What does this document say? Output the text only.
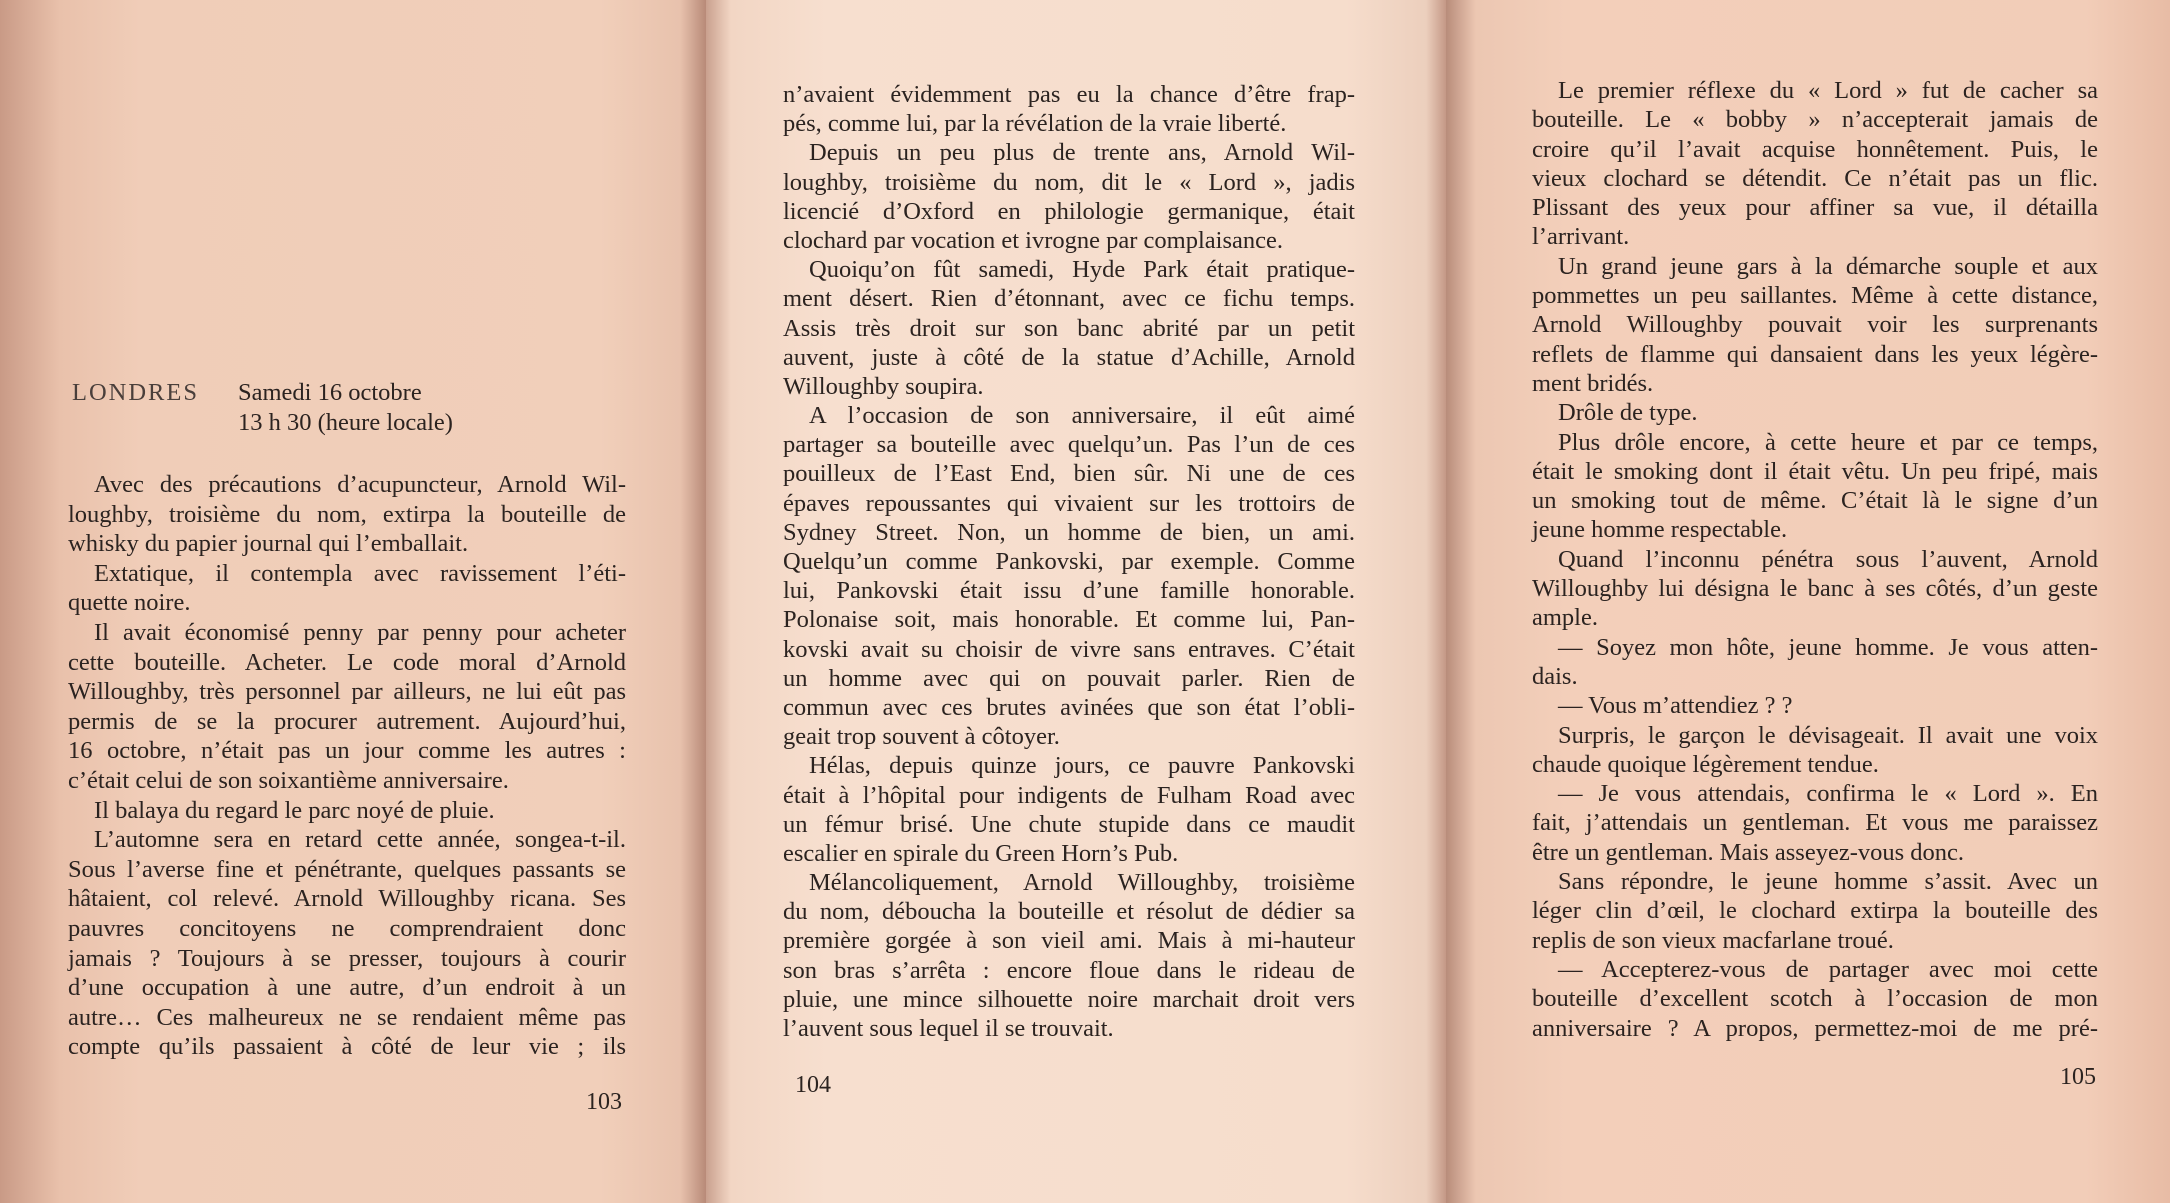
LONDRES Samedi 16 octobre
13 h 30 (heure locale)
Avec des précautions d’acupuncteur, Arnold Wil-
loughby, troisième du nom, extirpa la bouteille de
whisky du papier journal qui l’emballait.
Extatique, il contempla avec ravissement l’éti-
quette noire.
Il avait économisé penny par penny pour acheter
cette bouteille. Acheter. Le code moral d’Arnold
Willoughby, très personnel par ailleurs, ne lui eût pas
permis de se la procurer autrement. Aujourd’hui,
16 octobre, n’était pas un jour comme les autres :
c’était celui de son soixantième anniversaire.
Il balaya du regard le parc noyé de pluie.
L’automne sera en retard cette année, songea-t-il.
Sous l’averse fine et pénétrante, quelques passants se
hâtaient, col relevé. Arnold Willoughby ricana. Ses
pauvres concitoyens ne comprendraient donc
jamais ? Toujours à se presser, toujours à courir
d’une occupation à une autre, d’un endroit à un
autre… Ces malheureux ne se rendaient même pas
compte qu’ils passaient à côté de leur vie ; ils
n’avaient évidemment pas eu la chance d’être frap-
pés, comme lui, par la révélation de la vraie liberté.
Depuis un peu plus de trente ans, Arnold Wil-
loughby, troisième du nom, dit le « Lord », jadis
licencié d’Oxford en philologie germanique, était
clochard par vocation et ivrogne par complaisance.
Quoiqu’on fût samedi, Hyde Park était pratique-
ment désert. Rien d’étonnant, avec ce fichu temps.
Assis très droit sur son banc abrité par un petit
auvent, juste à côté de la statue d’Achille, Arnold
Willoughby soupira.
A l’occasion de son anniversaire, il eût aimé
partager sa bouteille avec quelqu’un. Pas l’un de ces
pouilleux de l’East End, bien sûr. Ni une de ces
épaves repoussantes qui vivaient sur les trottoirs de
Sydney Street. Non, un homme de bien, un ami.
Quelqu’un comme Pankovski, par exemple. Comme
lui, Pankovski était issu d’une famille honorable.
Polonaise soit, mais honorable. Et comme lui, Pan-
kovski avait su choisir de vivre sans entraves. C’était
un homme avec qui on pouvait parler. Rien de
commun avec ces brutes avinées que son état l’obli-
geait trop souvent à côtoyer.
Hélas, depuis quinze jours, ce pauvre Pankovski
était à l’hôpital pour indigents de Fulham Road avec
un fémur brisé. Une chute stupide dans ce maudit
escalier en spirale du Green Horn’s Pub.
Mélancoliquement, Arnold Willoughby, troisième
du nom, déboucha la bouteille et résolut de dédier sa
première gorgée à son vieil ami. Mais à mi-hauteur
son bras s’arrêta : encore floue dans le rideau de
pluie, une mince silhouette noire marchait droit vers
l’auvent sous lequel il se trouvait.
Le premier réflexe du « Lord » fut de cacher sa
bouteille. Le « bobby » n’accepterait jamais de
croire qu’il l’avait acquise honnêtement. Puis, le
vieux clochard se détendit. Ce n’était pas un flic.
Plissant des yeux pour affiner sa vue, il détailla
l’arrivant.
Un grand jeune gars à la démarche souple et aux
pommettes un peu saillantes. Même à cette distance,
Arnold Willoughby pouvait voir les surprenants
reflets de flamme qui dansaient dans les yeux légère-
ment bridés.
Drôle de type.
Plus drôle encore, à cette heure et par ce temps,
était le smoking dont il était vêtu. Un peu fripé, mais
un smoking tout de même. C’était là le signe d’un
jeune homme respectable.
Quand l’inconnu pénétra sous l’auvent, Arnold
Willoughby lui désigna le banc à ses côtés, d’un geste
ample.
— Soyez mon hôte, jeune homme. Je vous atten-
dais.
— Vous m’attendiez ? ?
Surpris, le garçon le dévisageait. Il avait une voix
chaude quoique légèrement tendue.
— Je vous attendais, confirma le « Lord ». En
fait, j’attendais un gentleman. Et vous me paraissez
être un gentleman. Mais asseyez-vous donc.
Sans répondre, le jeune homme s’assit. Avec un
léger clin d’œil, le clochard extirpa la bouteille des
replis de son vieux macfarlane troué.
— Accepterez-vous de partager avec moi cette
bouteille d’excellent scotch à l’occasion de mon
anniversaire ? A propos, permettez-moi de me pré-
103
104	105
